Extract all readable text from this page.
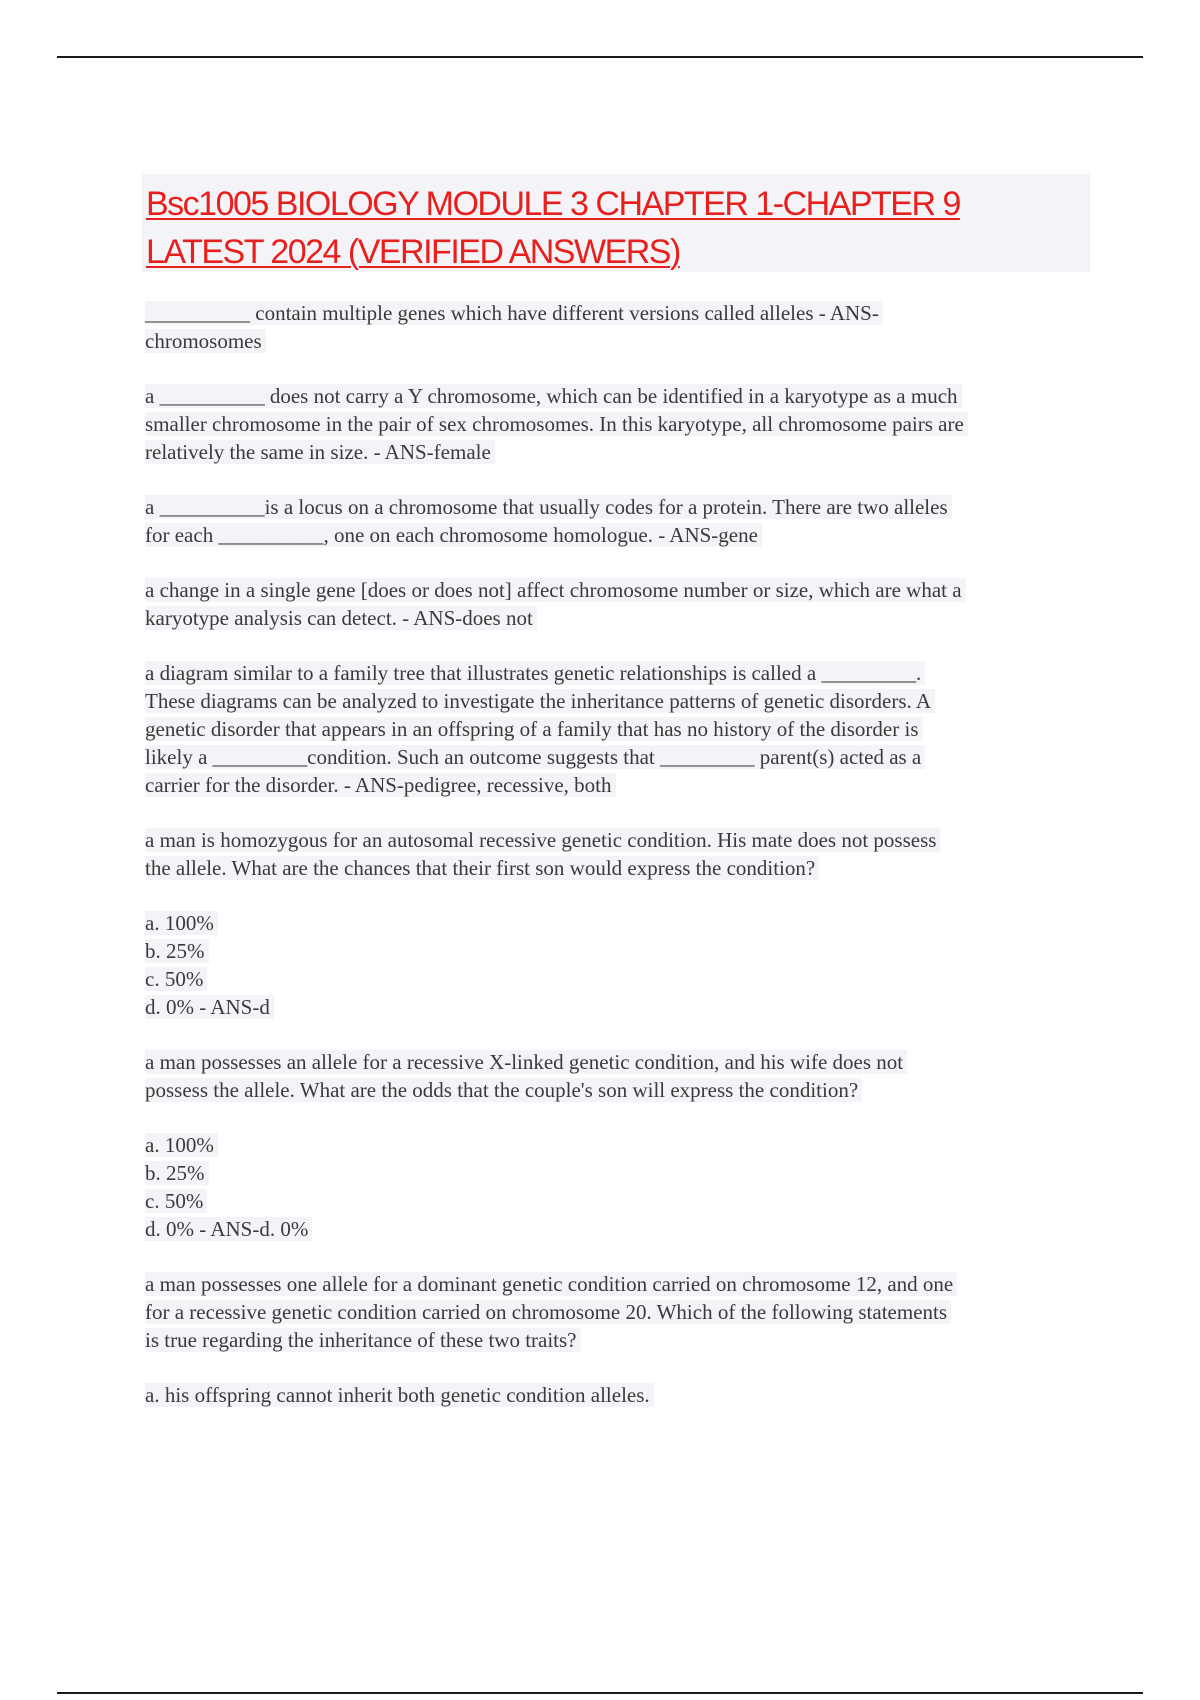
Bsc1005 BIOLOGY MODULE 3 CHAPTER 1-CHAPTER 9
LATEST 2024 (VERIFIED ANSWERS)
__________ contain multiple genes which have different versions called alleles - ANS-
chromosomes
a __________ does not carry a Y chromosome, which can be identified in a karyotype as a much
smaller chromosome in the pair of sex chromosomes. In this karyotype, all chromosome pairs are
relatively the same in size. - ANS-female
a __________is a locus on a chromosome that usually codes for a protein. There are two alleles
for each __________, one on each chromosome homologue. - ANS-gene
a change in a single gene [does or does not] affect chromosome number or size, which are what a
karyotype analysis can detect. - ANS-does not
a diagram similar to a family tree that illustrates genetic relationships is called a _________.
These diagrams can be analyzed to investigate the inheritance patterns of genetic disorders. A
genetic disorder that appears in an offspring of a family that has no history of the disorder is
likely a _________condition. Such an outcome suggests that _________ parent(s) acted as a
carrier for the disorder. - ANS-pedigree, recessive, both
a man is homozygous for an autosomal recessive genetic condition. His mate does not possess
the allele. What are the chances that their first son would express the condition?
a. 100%
b. 25%
c. 50%
d. 0% - ANS-d
a man possesses an allele for a recessive X-linked genetic condition, and his wife does not
possess the allele. What are the odds that the couple's son will express the condition?
a. 100%
b. 25%
c. 50%
d. 0% - ANS-d. 0%
a man possesses one allele for a dominant genetic condition carried on chromosome 12, and one
for a recessive genetic condition carried on chromosome 20. Which of the following statements
is true regarding the inheritance of these two traits?
a. his offspring cannot inherit both genetic condition alleles.
